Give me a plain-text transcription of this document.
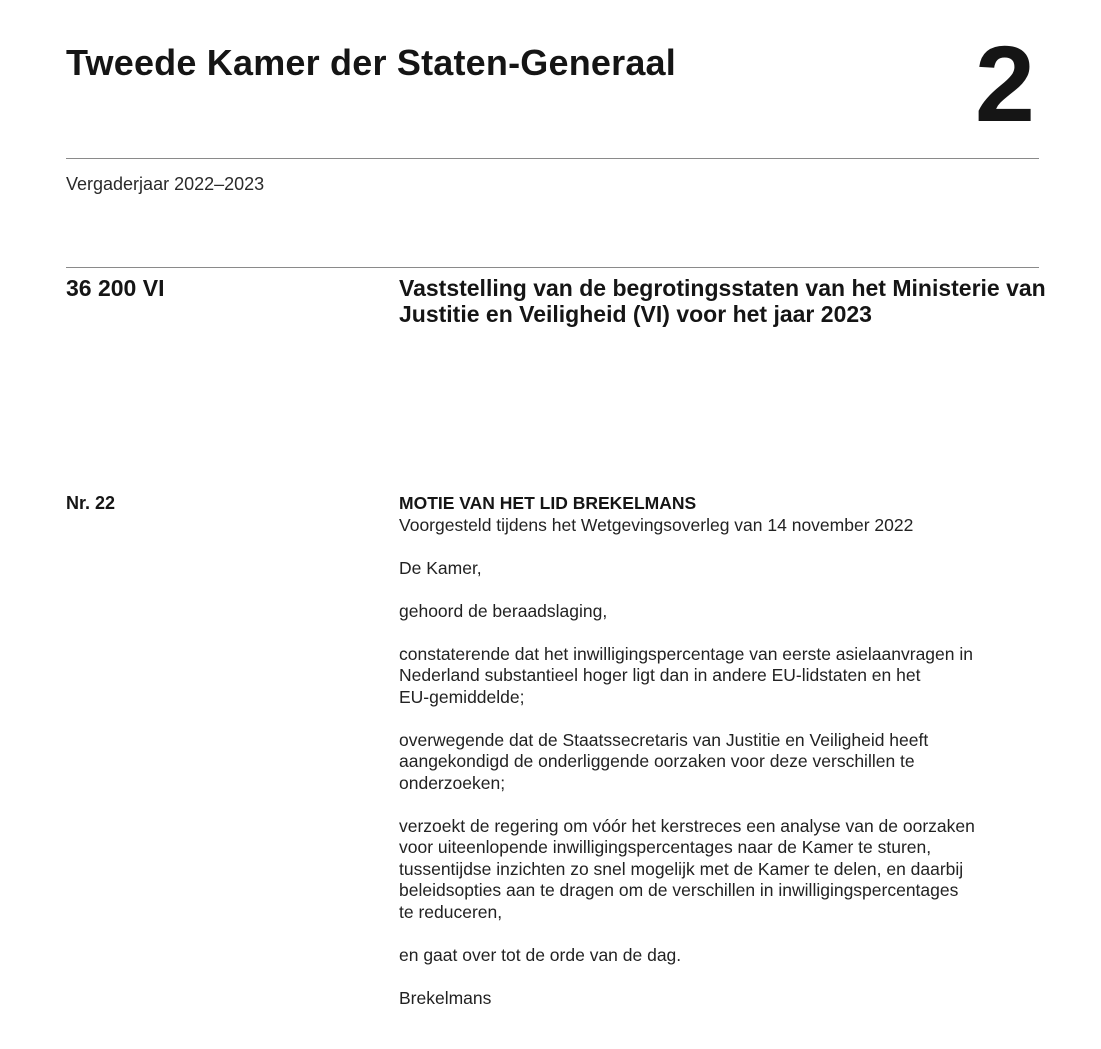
Tweede Kamer der Staten-Generaal	2
Vergaderjaar 2022–2023
36 200 VI	Vaststelling van de begrotingsstaten van het Ministerie van Justitie en Veiligheid (VI) voor het jaar 2023
Nr. 22	MOTIE VAN HET LID BREKELMANS
Voorgesteld tijdens het Wetgevingsoverleg van 14 november 2022
De Kamer,
gehoord de beraadslaging,
constaterende dat het inwilligingspercentage van eerste asielaanvragen in
Nederland substantieel hoger ligt dan in andere EU-lidstaten en het
EU-gemiddelde;
overwegende dat de Staatssecretaris van Justitie en Veiligheid heeft
aangekondigd de onderliggende oorzaken voor deze verschillen te
onderzoeken;
verzoekt de regering om vóór het kerstreces een analyse van de oorzaken
voor uiteenlopende inwilligingspercentages naar de Kamer te sturen,
tussentijdse inzichten zo snel mogelijk met de Kamer te delen, en daarbij
beleidsopties aan te dragen om de verschillen in inwilligingspercentages
te reduceren,
en gaat over tot de orde van de dag.
Brekelmans
